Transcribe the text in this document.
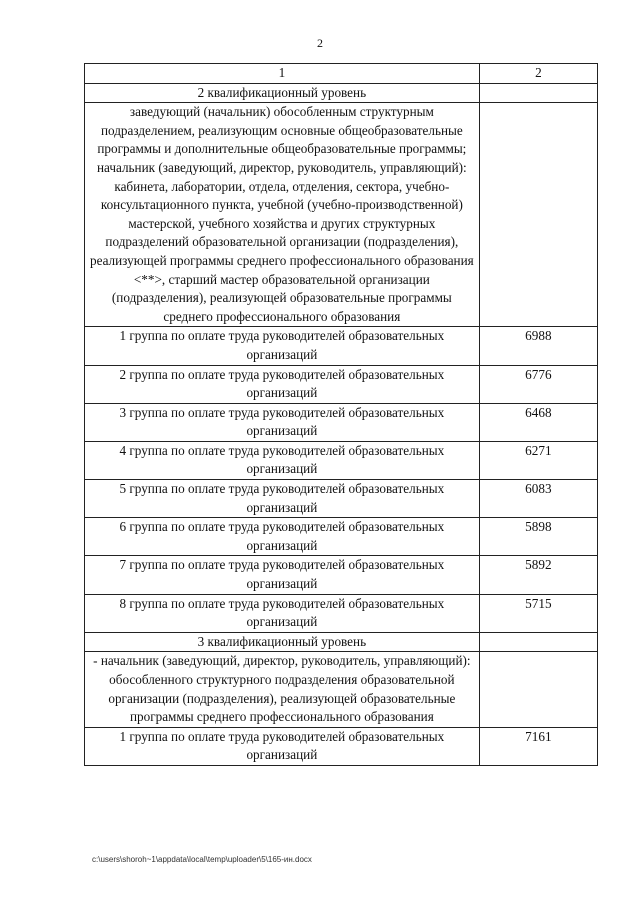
2
1	2
2 квалификационный уровень	
заведующий (начальник) обособленным структурным подразделением, реализующим основные общеобразовательные программы и дополнительные общеобразовательные программы; начальник (заведующий, директор, руководитель, управляющий): кабинета, лаборатории, отдела, отделения, сектора, учебно-консультационного пункта, учебной (учебно-производственной) мастерской, учебного хозяйства и других структурных подразделений образовательной организации (подразделения), реализующей программы среднего профессионального образования <**>, старший мастер образовательной организации (подразделения), реализующей образовательные программы среднего профессионального образования	
1 группа по оплате труда руководителей образовательных организаций	6988
2 группа по оплате труда руководителей образовательных организаций	6776
3 группа по оплате труда руководителей образовательных организаций	6468
4 группа по оплате труда руководителей образовательных организаций	6271
5 группа по оплате труда руководителей образовательных организаций	6083
6 группа по оплате труда руководителей образовательных организаций	5898
7 группа по оплате труда руководителей образовательных организаций	5892
8 группа по оплате труда руководителей образовательных организаций	5715
3 квалификационный уровень	
- начальник (заведующий, директор, руководитель, управляющий): обособленного структурного подразделения образовательной организации (подразделения), реализующей образовательные программы среднего профессионального образования	
1 группа по оплате труда руководителей образовательных организаций	7161
c:\users\shoroh~1\appdata\local\temp\uploader\5\165-ин.docx
